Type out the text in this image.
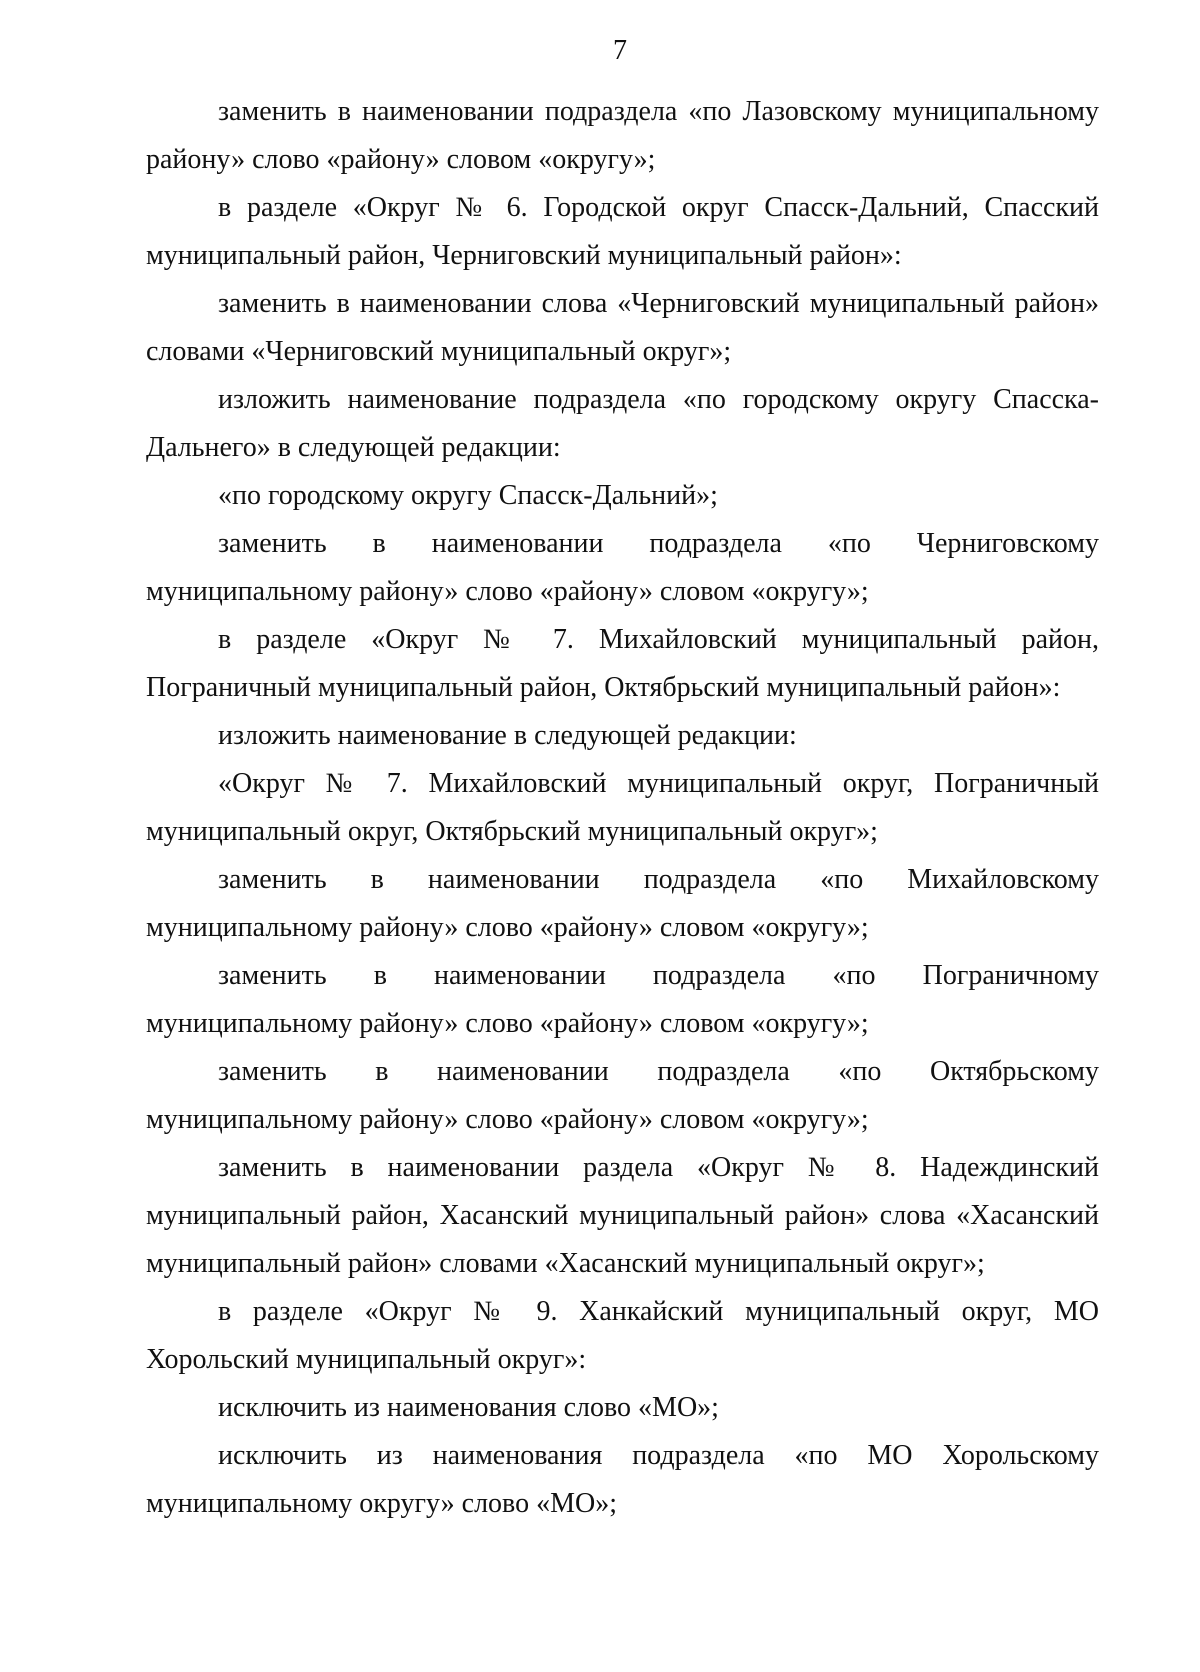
7

заменить в наименовании подраздела «по Лазовскому муниципальному району» слово «району» словом «округу»;

в разделе «Округ № 6. Городской округ Спасск-Дальний, Спасский муниципальный район, Черниговский муниципальный район»:

заменить в наименовании слова «Черниговский муниципальный район» словами «Черниговский муниципальный округ»;

изложить наименование подраздела «по городскому округу Спасска-Дальнего» в следующей редакции:

«по городскому округу Спасск-Дальний»;

заменить в наименовании подраздела «по Черниговскому муниципальному району» слово «району» словом «округу»;

в разделе «Округ № 7. Михайловский муниципальный район, Пограничный муниципальный район, Октябрьский муниципальный район»:

изложить наименование в следующей редакции:

«Округ № 7. Михайловский муниципальный округ, Пограничный муниципальный округ, Октябрьский муниципальный округ»;

заменить в наименовании подраздела «по Михайловскому муниципальному району» слово «району» словом «округу»;

заменить в наименовании подраздела «по Пограничному муниципальному району» слово «району» словом «округу»;

заменить в наименовании подраздела «по Октябрьскому муниципальному району» слово «району» словом «округу»;

заменить в наименовании раздела «Округ № 8. Надеждинский муниципальный район, Хасанский муниципальный район» слова «Хасанский муниципальный район» словами «Хасанский муниципальный округ»;

в разделе «Округ № 9. Ханкайский муниципальный округ, МО Хорольский муниципальный округ»:

исключить из наименования слово «МО»;

исключить из наименования подраздела «по МО Хорольскому муниципальному округу» слово «МО»;
